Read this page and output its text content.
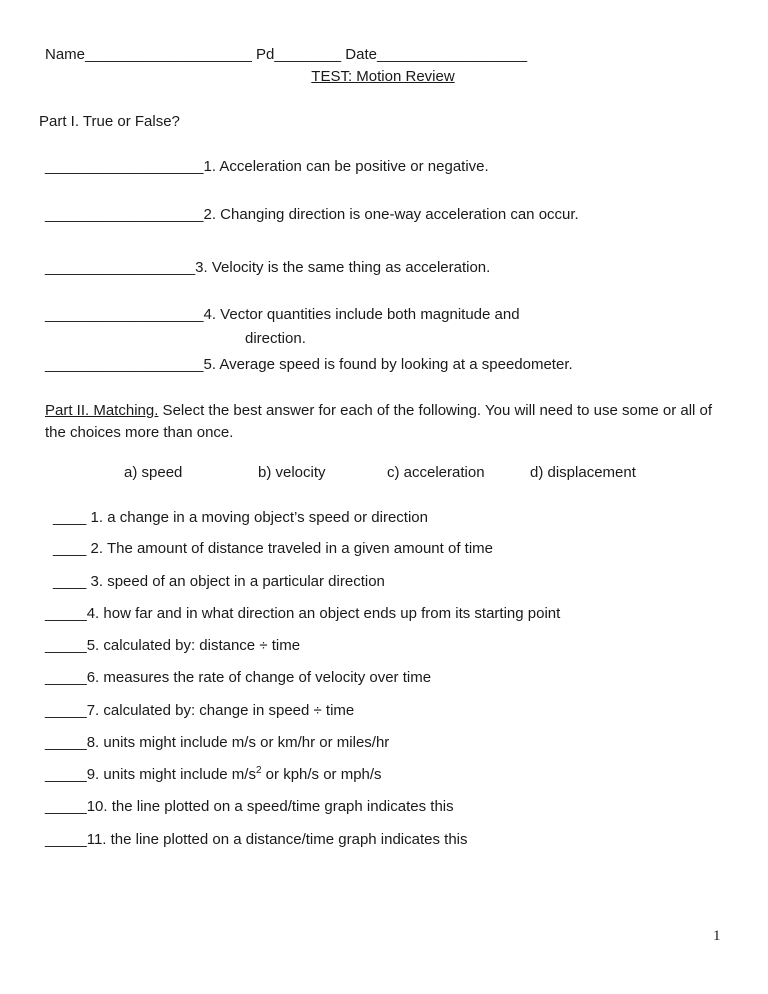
Name____________________ Pd________ Date__________________
TEST: Motion Review
Part I. True or False?
___________________1. Acceleration can be positive or negative.
___________________2. Changing direction is one-way acceleration can occur.
__________________3. Velocity is the same thing as acceleration.
___________________4. Vector quantities include both magnitude and
direction.
___________________5. Average speed is found by looking at a speedometer.
Part II. Matching. Select the best answer for each of the following. You will need to use some or all of the choices more than once.
a) speed	b) velocity	c) acceleration	d) displacement
____ 1. a change in a moving object’s speed or direction
____ 2. The amount of distance traveled in a given amount of time
____ 3. speed of an object in a particular direction
_____4. how far and in what direction an object ends up from its starting point
_____5. calculated by: distance ÷ time
_____6. measures the rate of change of velocity over time
_____7. calculated by: change in speed ÷ time
_____8. units might include m/s or km/hr or miles/hr
_____9. units might include $m/s^2$ or kph/s or mph/s
_____10. the line plotted on a speed/time graph indicates this
_____11. the line plotted on a distance/time graph indicates this
1
